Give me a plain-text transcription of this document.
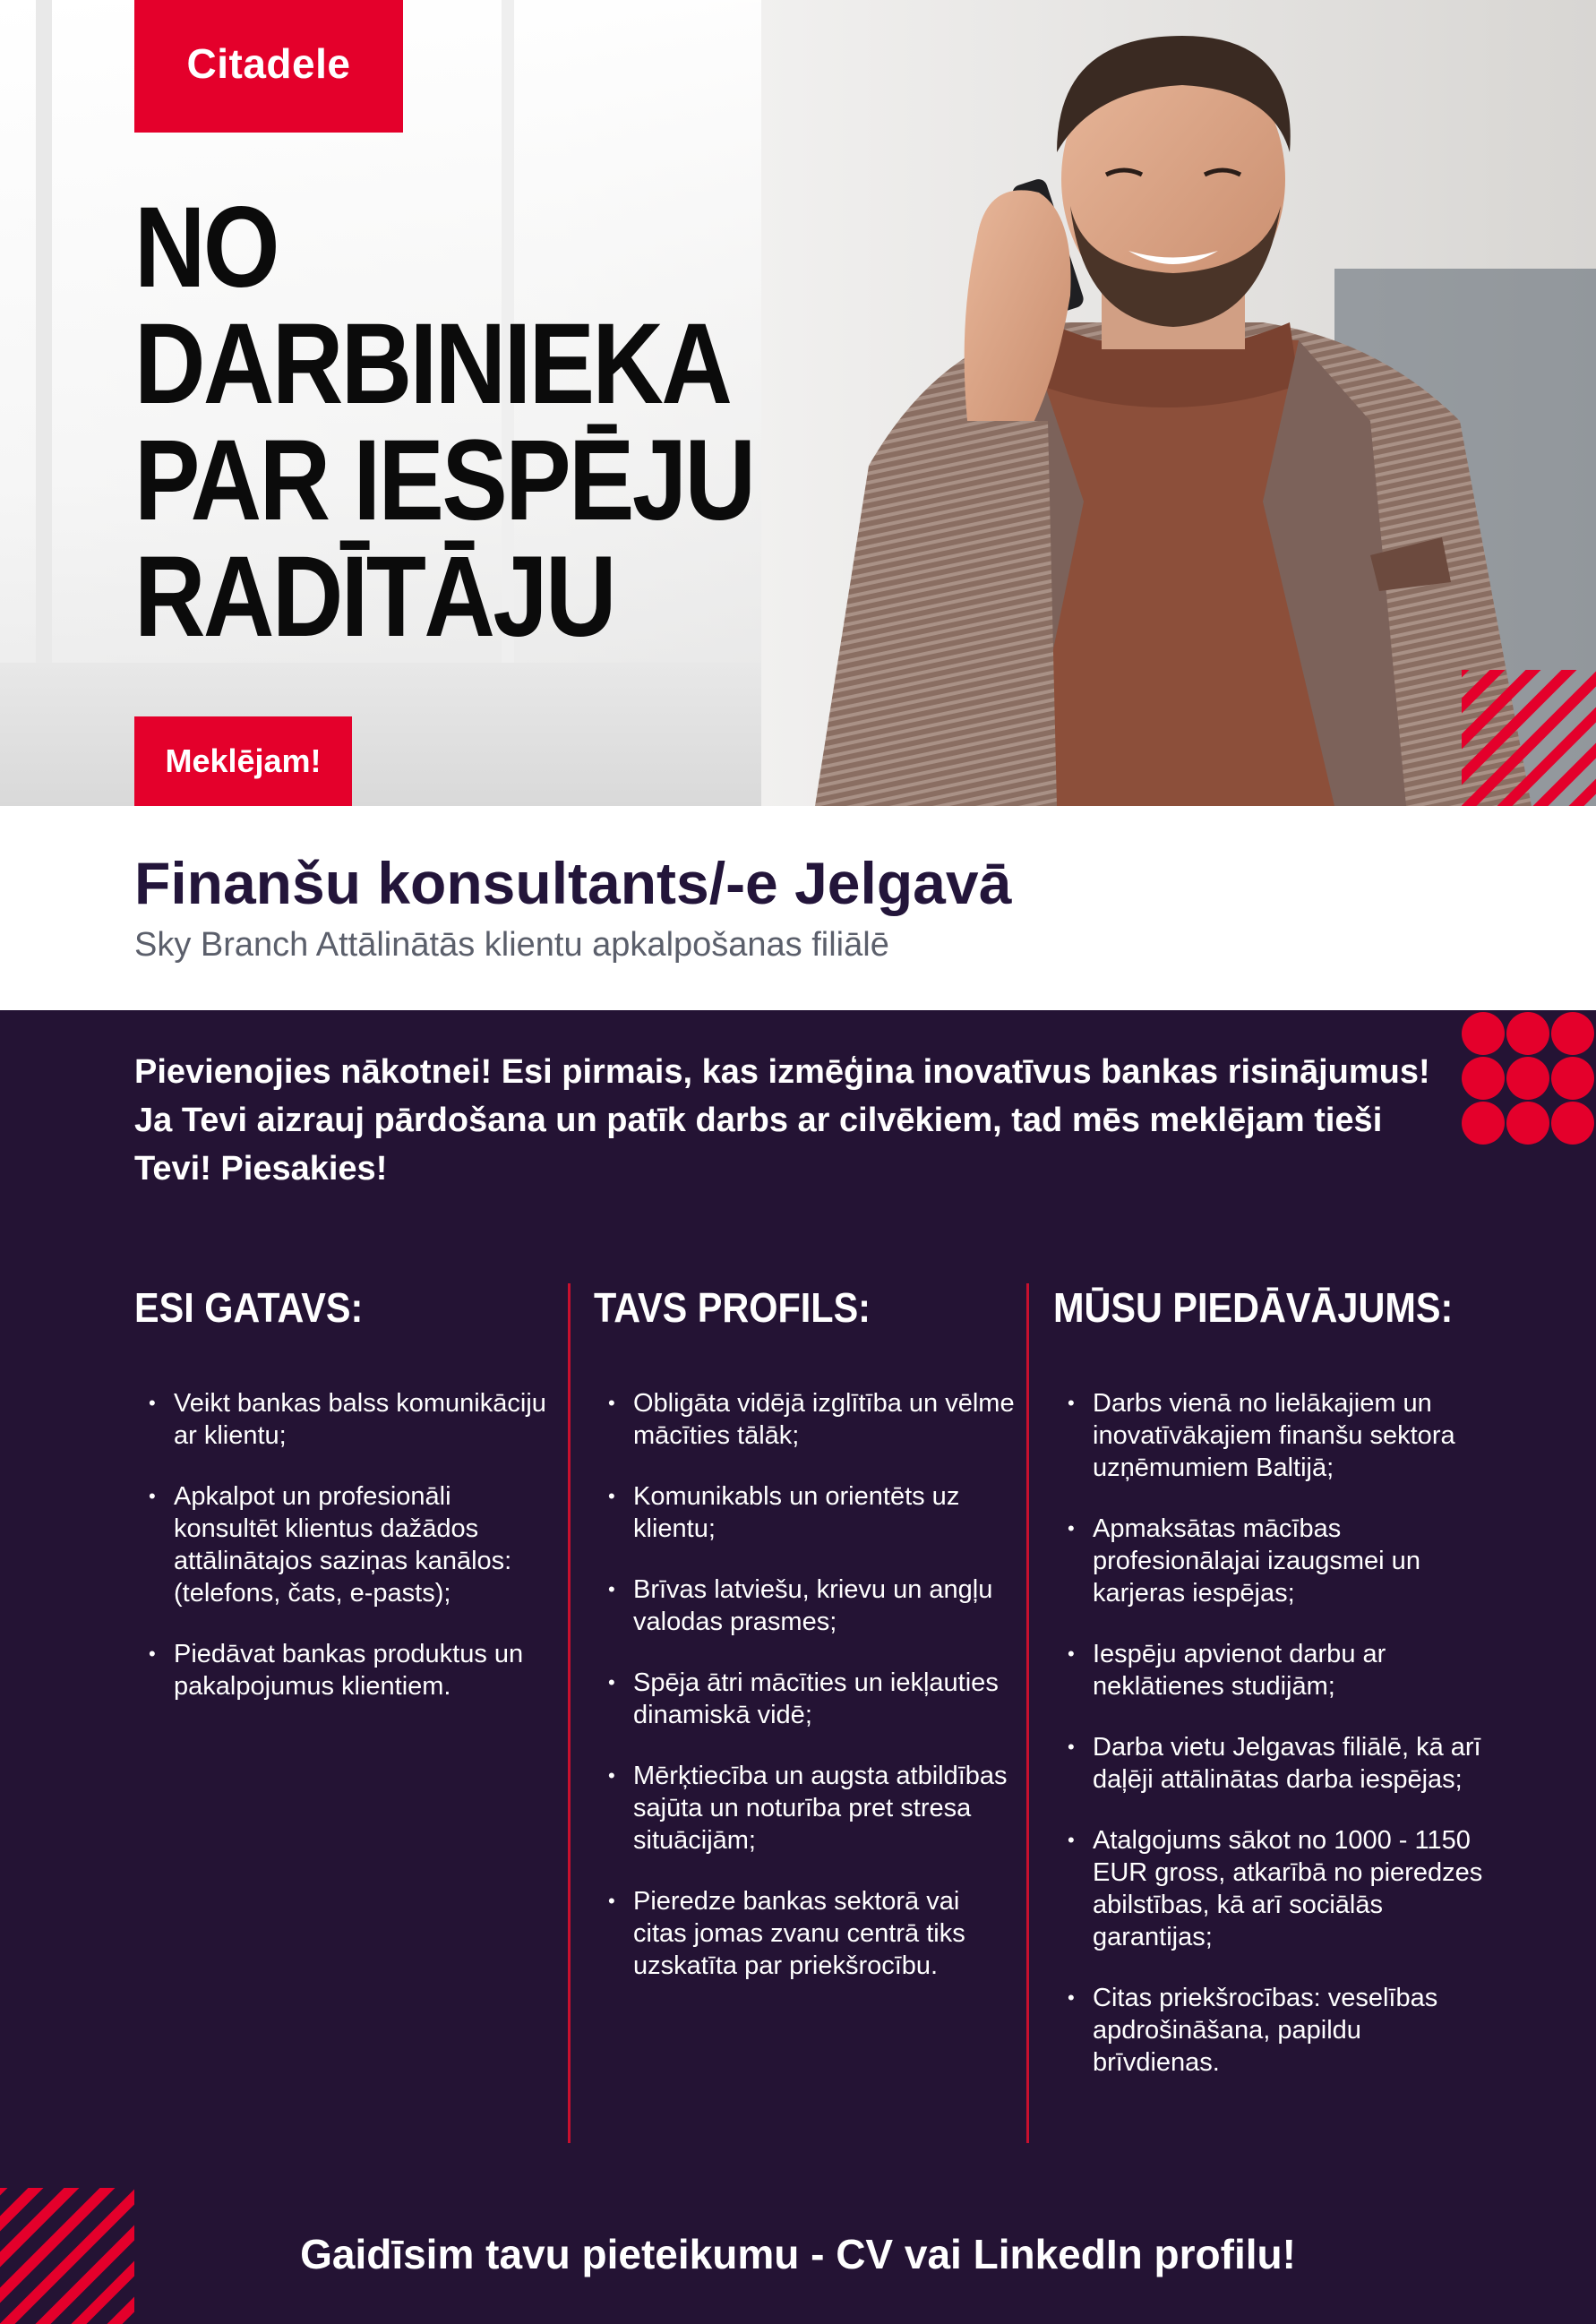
Citadele
NO
DARBINIEKA
PAR IESPĒJU
RADĪTĀJU
Meklējam!
Finanšu konsultants/-e Jelgavā
Sky Branch Attālinātās klientu apkalpošanas filiālē
Pievienojies nākotnei! Esi pirmais, kas izmēģina inovatīvus bankas risinājumus! Ja Tevi aizrauj pārdošana un patīk darbs ar cilvēkiem, tad mēs meklējam tieši Tevi! Piesakies!
ESI GATAVS:
• Veikt bankas balss komunikāciju ar klientu;
• Apkalpot un profesionāli konsultēt klientus dažādos attālinātajos saziņas kanālos: (telefons, čats, e-pasts);
• Piedāvat bankas produktus un pakalpojumus klientiem.
TAVS PROFILS:
• Obligāta vidējā izglītība un vēlme mācīties tālāk;
• Komunikabls un orientēts uz klientu;
• Brīvas latviešu, krievu un angļu valodas prasmes;
• Spēja ātri mācīties un iekļauties dinamiskā vidē;
• Mērķtiecība un augsta atbildības sajūta un noturība pret stresa situācijām;
• Pieredze bankas sektorā vai citas jomas zvanu centrā tiks uzskatīta par priekšrocību.
MŪSU PIEDĀVĀJUMS:
• Darbs vienā no lielākajiem un inovatīvākajiem finanšu sektora uzņēmumiem Baltijā;
• Apmaksātas mācības profesionālajai izaugsmei un karjeras iespējas;
• Iespēju apvienot darbu ar neklātienes studijām;
• Darba vietu Jelgavas filiālē, kā arī daļēji attālinātas darba iespējas;
• Atalgojums sākot no 1000 - 1150 EUR gross, atkarībā no pieredzes abilstības, kā arī sociālās garantijas;
• Citas priekšrocības: veselības apdrošināšana, papildu brīvdienas.
Gaidīsim tavu pieteikumu - CV vai LinkedIn profilu!
